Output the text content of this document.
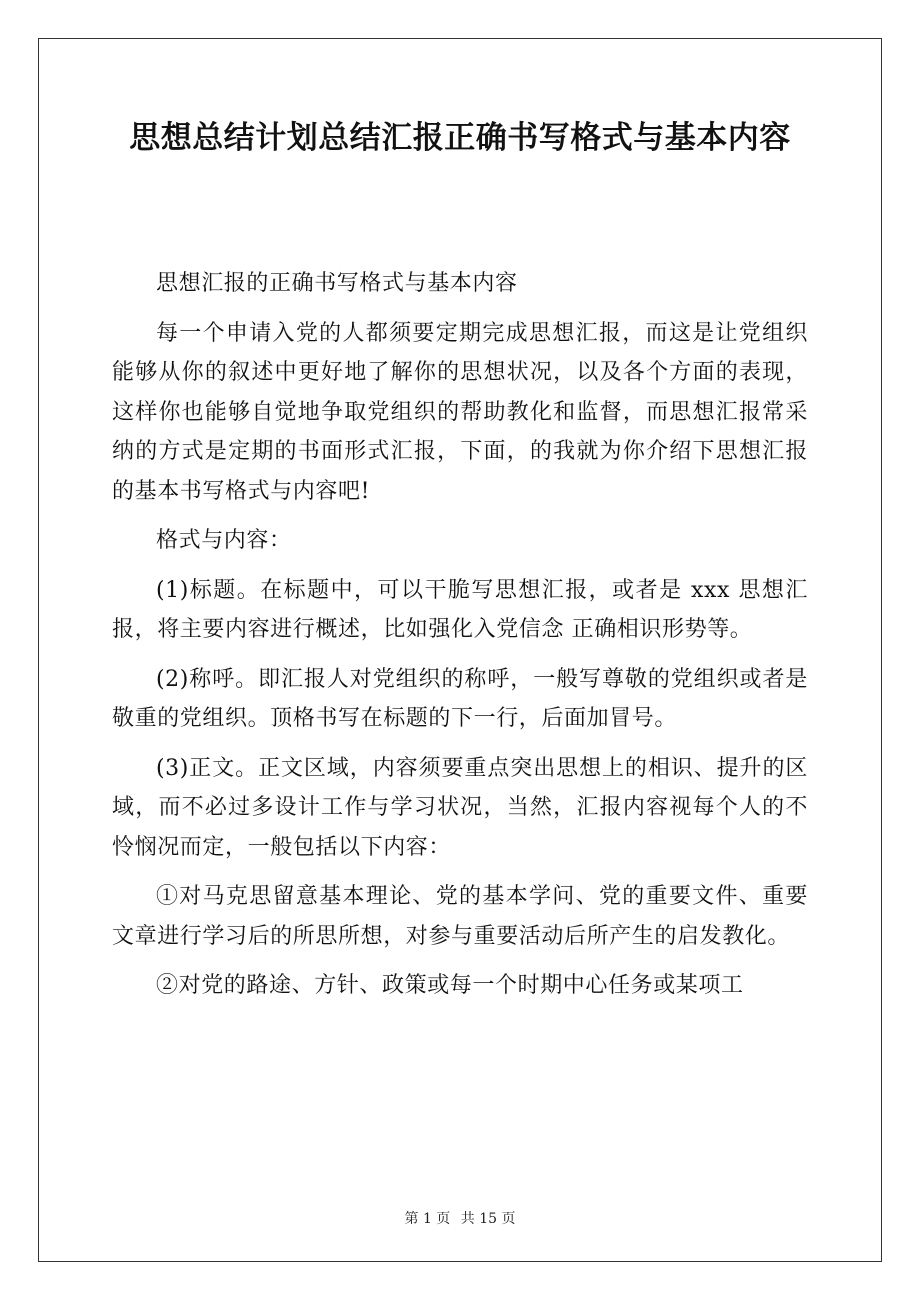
思想总结计划总结汇报正确书写格式与基本内容

思想汇报的正确书写格式与基本内容

每一个申请入党的人都须要定期完成思想汇报，而这是让党组织能够从你的叙述中更好地了解你的思想状况，以及各个方面的表现，这样你也能够自觉地争取党组织的帮助教化和监督，而思想汇报常采纳的方式是定期的书面形式汇报，下面，的我就为你介绍下思想汇报的基本书写格式与内容吧!

格式与内容：

(1)标题。在标题中，可以干脆写思想汇报，或者是 xxx 思想汇报，将主要内容进行概述，比如强化入党信念 正确相识形势等。

(2)称呼。即汇报人对党组织的称呼，一般写尊敬的党组织或者是敬重的党组织。顶格书写在标题的下一行，后面加冒号。

(3)正文。正文区域，内容须要重点突出思想上的相识、提升的区域，而不必过多设计工作与学习状况，当然，汇报内容视每个人的不怜悯况而定，一般包括以下内容：

①对马克思留意基本理论、党的基本学问、党的重要文件、重要文章进行学习后的所思所想，对参与重要活动后所产生的启发教化。

②对党的路途、方针、政策或每一个时期中心任务或某项工

第 1 页 共 15 页
